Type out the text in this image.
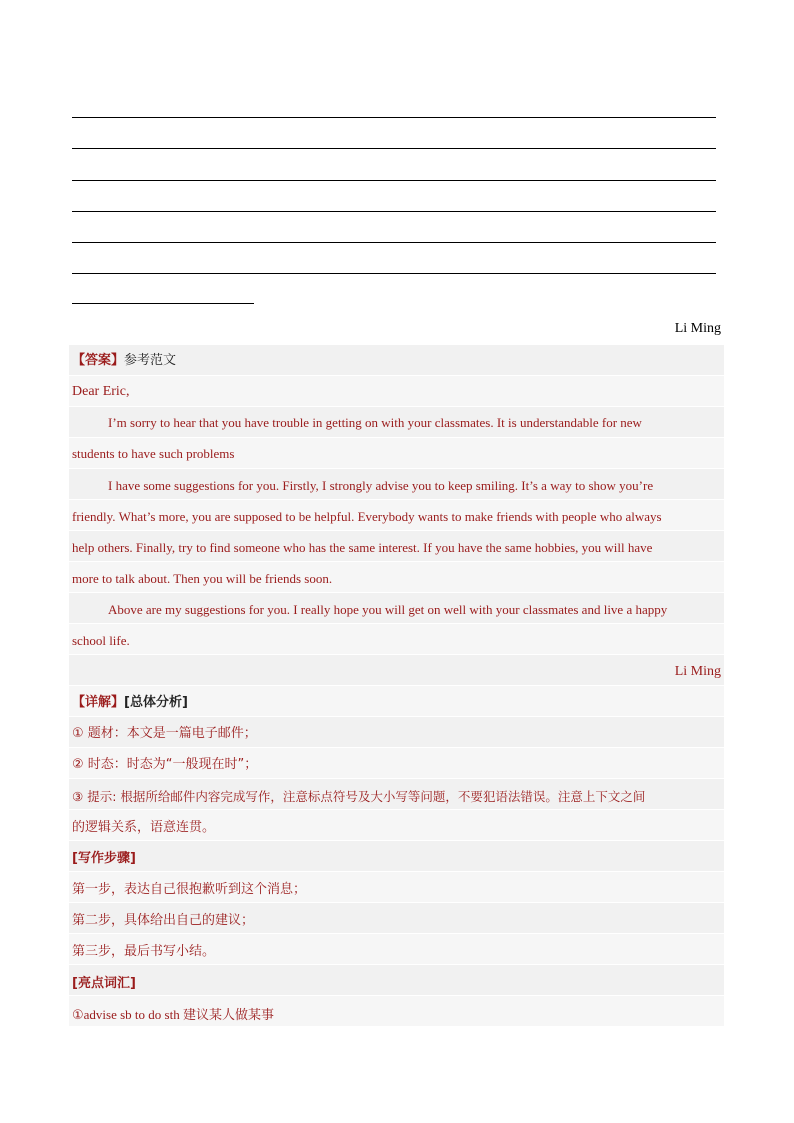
Li Ming
【答案】参考范文
Dear Eric,
I’m sorry to hear that you have trouble in getting on with your classmates. It is understandable for new
students to have such problems
I have some suggestions for you. Firstly, I strongly advise you to keep smiling. It’s a way to show you’re
friendly. What’s more, you are supposed to be helpful. Everybody wants to make friends with people who always
help others. Finally, try to find someone who has the same interest. If you have the same hobbies, you will have
more to talk about. Then you will be friends soon.
Above are my suggestions for you. I really hope you will get on well with your classmates and live a happy
school life.
Li Ming
【详解】[总体分析]
① 题材：本文是一篇电子邮件；
② 时态：时态为“一般现在时”；
③ 提示: 根据所给邮件内容完成写作，注意标点符号及大小写等问题，不要犯语法错误。注意上下文之间
的逻辑关系，语意连贯。
[写作步骤]
第一步，表达自己很抱歉听到这个消息；
第二步，具体给出自己的建议；
第三步，最后书写小结。
[亮点词汇]
①advise sb to do sth 建议某人做某事
